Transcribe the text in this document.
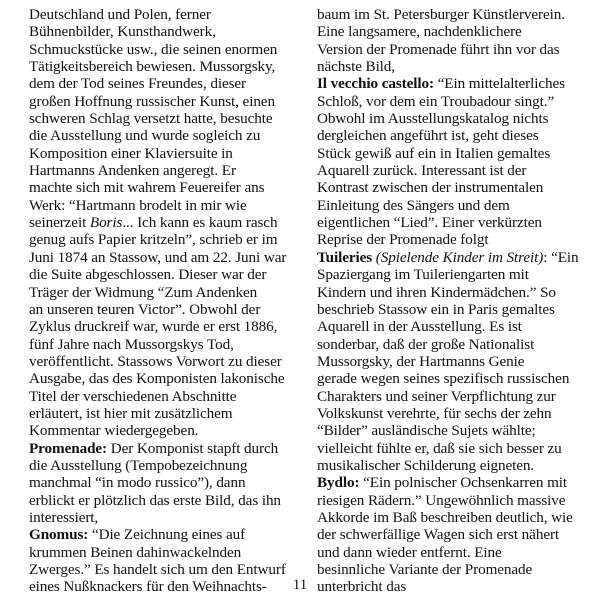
Deutschland und Polen, ferner
Bühnenbilder, Kunsthandwerk,
Schmuckstücke usw., die seinen enormen
Tätigkeitsbereich bewiesen. Mussorgsky,
dem der Tod seines Freundes, dieser
großen Hoffnung russischer Kunst, einen
schweren Schlag versetzt hatte, besuchte
die Ausstellung und wurde sogleich zu
Komposition einer Klaviersuite in
Hartmanns Andenken angeregt. Er
machte sich mit wahrem Feuereifer ans
Werk: “Hartmann brodelt in mir wie
seinerzeit Boris... Ich kann es kaum rasch
genug aufs Papier kritzeln”, schrieb er im
Juni 1874 an Stassow, und am 22. Juni war
die Suite abgeschlossen. Dieser war der
Träger der Widmung “Zum Andenken
an unseren teuren Victor”. Obwohl der
Zyklus druckreif war, wurde er erst 1886,
fünf Jahre nach Mussorgskys Tod,
veröffentlicht. Stassows Vorwort zu dieser
Ausgabe, das des Komponisten lakonische
Titel der verschiedenen Abschnitte
erläutert, ist hier mit zusätzlichem
Kommentar wiedergegeben.
Promenade: Der Komponist stapft durch
die Ausstellung (Tempobezeichnung
manchmal “in modo russico”), dann
erblickt er plötzlich das erste Bild, das ihn
interessiert,
Gnomus: “Die Zeichnung eines auf
krummen Beinen dahinwackelnden
Zwerges.” Es handelt sich um den Entwurf
eines Nußknackers für den Weihnachts-
baum im St. Petersburger Künstlerverein.
Eine langsamere, nachdenklichere
Version der Promenade führt ihn vor das
nächste Bild,
Il vecchio castello: “Ein mittelalterliches
Schloß, vor dem ein Troubadour singt.”
Obwohl im Ausstellungskatalog nichts
dergleichen angeführt ist, geht dieses
Stück gewiß auf ein in Italien gemaltes
Aquarell zurück. Interessant ist der
Kontrast zwischen der instrumentalen
Einleitung des Sängers und dem
eigentlichen “Lied”. Einer verkürzten
Reprise der Promenade folgt
Tuileries (Spielende Kinder im Streit): “Ein
Spaziergang im Tuileriengarten mit
Kindern und ihren Kindermädchen.” So
beschrieb Stassow ein in Paris gemaltes
Aquarell in der Ausstellung. Es ist
sonderbar, daß der große Nationalist
Mussorgsky, der Hartmanns Genie
gerade wegen seines spezifisch russischen
Charakters und seiner Verpflichtung zur
Volkskunst verehrte, für sechs der zehn
“Bilder” ausländische Sujets wählte;
vielleicht fühlte er, daß sie sich besser zu
musikalischer Schilderung eigneten.
Bydlo: “Ein polnischer Ochsenkarren mit
riesigen Rädern.” Ungewöhnlich massive
Akkorde im Baß beschreiben deutlich, wie
der schwerfällige Wagen sich erst nähert
und dann wieder entfernt. Eine
besinnliche Variante der Promenade
unterbricht das
11
